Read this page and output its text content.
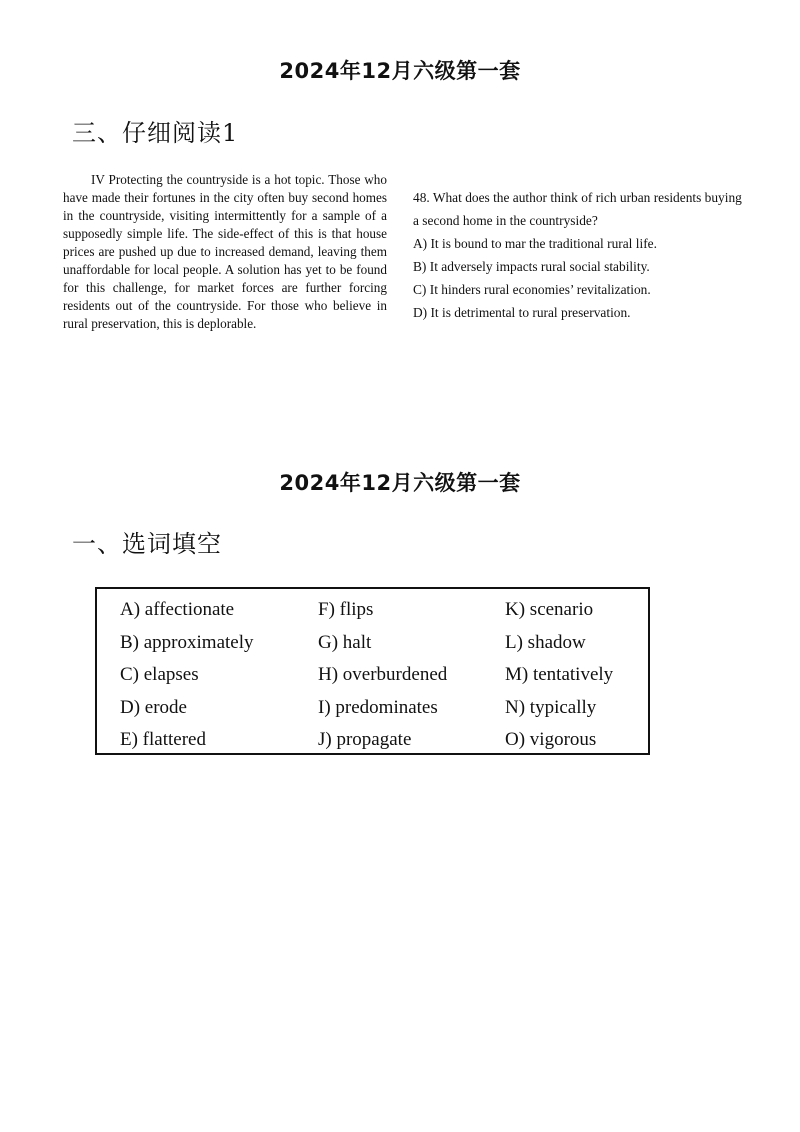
2024年12月六级第一套
三、仔细阅读1

IV Protecting the countryside is a hot topic. Those who have made their fortunes in the city often buy second homes in the countryside, visiting intermittently for a sample of a supposedly simple life. The side-effect of this is that house prices are pushed up due to increased demand, leaving them unaffordable for local people. A solution has yet to be found for this challenge, for market forces are further forcing residents out of the countryside. For those who believe in rural preservation, this is deplorable.

48. What does the author think of rich urban residents buying a second home in the countryside?

A) It is bound to mar the traditional rural life.

B) It adversely impacts rural social stability.

C) It hinders rural economies’ revitalization.

D) It is detrimental to rural preservation.

2024年12月六级第一套
一、选词填空
A) affectionate
B) approximately
C) elapses
D) erode
E) flattered
F) flips
G) halt
H) overburdened
I) predominates
J) propagate
K) scenario
L) shadow
M) tentatively
N) typically
O) vigorous
